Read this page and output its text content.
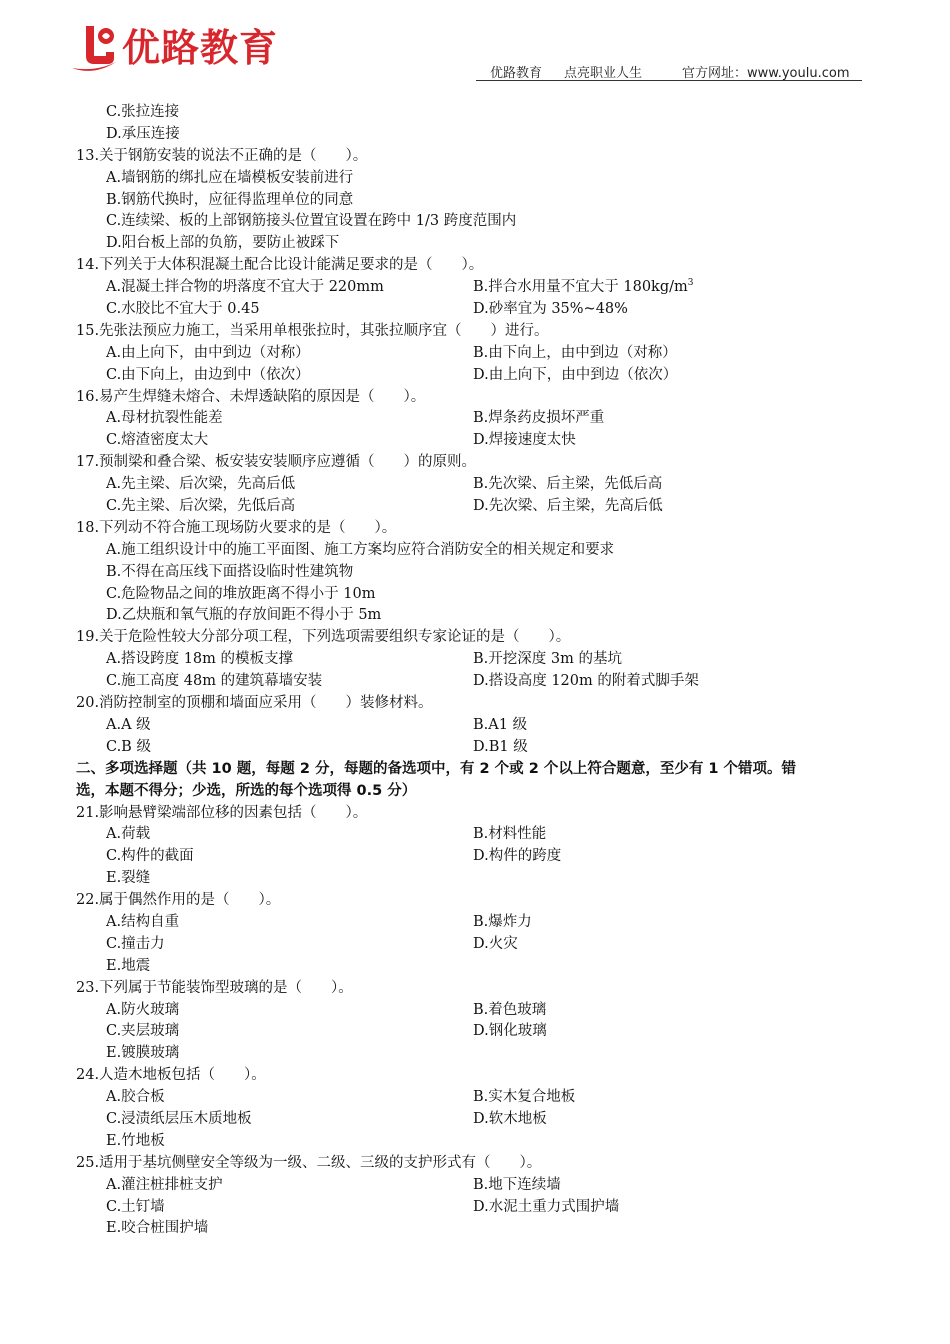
优路教育
优路教育 点亮职业人生	官方网址：www.youlu.com
C.张拉连接
D.承压连接
13.关于钢筋安装的说法不正确的是（　　）。
A.墙钢筋的绑扎应在墙模板安装前进行
B.钢筋代换时，应征得监理单位的同意
C.连续梁、板的上部钢筋接头位置宜设置在跨中 1/3 跨度范围内
D.阳台板上部的负筋，要防止被踩下
14.下列关于大体积混凝土配合比设计能满足要求的是（　　）。
A.混凝土拌合物的坍落度不宜大于 220mm	B.拌合水用量不宜大于 $180kg/m^3$
C.水胶比不宜大于 0.45	D.砂率宜为 35%~48%
15.先张法预应力施工，当采用单根张拉时，其张拉顺序宜（　　）进行。
A.由上向下，由中到边（对称）	B.由下向上，由中到边（对称）
C.由下向上，由边到中（依次）	D.由上向下，由中到边（依次）
16.易产生焊缝未熔合、未焊透缺陷的原因是（　　）。
A.母材抗裂性能差	B.焊条药皮损坏严重
C.熔渣密度太大	D.焊接速度太快
17.预制梁和叠合梁、板安装安装顺序应遵循（　　）的原则。
A.先主梁、后次梁，先高后低	B.先次梁、后主梁，先低后高
C.先主梁、后次梁，先低后高	D.先次梁、后主梁，先高后低
18.下列动不符合施工现场防火要求的是（　　）。
A.施工组织设计中的施工平面图、施工方案均应符合消防安全的相关规定和要求
B.不得在高压线下面搭设临时性建筑物
C.危险物品之间的堆放距离不得小于 10m
D.乙炔瓶和氧气瓶的存放间距不得小于 5m
19.关于危险性较大分部分项工程，下列选项需要组织专家论证的是（　　）。
A.搭设跨度 18m 的模板支撑	B.开挖深度 3m 的基坑
C.施工高度 48m 的建筑幕墙安装	D.搭设高度 120m 的附着式脚手架
20.消防控制室的顶棚和墙面应采用（　　）装修材料。
A.A 级	B.A1 级
C.B 级	D.B1 级
二、多项选择题（共 10 题，每题 2 分，每题的备选项中，有 2 个或 2 个以上符合题意，至少有 1 个错项。错
选，本题不得分；少选，所选的每个选项得 0.5 分）
21.影响悬臂梁端部位移的因素包括（　　）。
A.荷载	B.材料性能
C.构件的截面	D.构件的跨度
E.裂缝
22.属于偶然作用的是（　　）。
A.结构自重	B.爆炸力
C.撞击力	D.火灾
E.地震
23.下列属于节能装饰型玻璃的是（　　）。
A.防火玻璃	B.着色玻璃
C.夹层玻璃	D.钢化玻璃
E.镀膜玻璃
24.人造木地板包括（　　）。
A.胶合板	B.实木复合地板
C.浸渍纸层压木质地板	D.软木地板
E.竹地板
25.适用于基坑侧壁安全等级为一级、二级、三级的支护形式有（　　）。
A.灌注桩排桩支护	B.地下连续墙
C.土钉墙	D.水泥土重力式围护墙
E.咬合桩围护墙
